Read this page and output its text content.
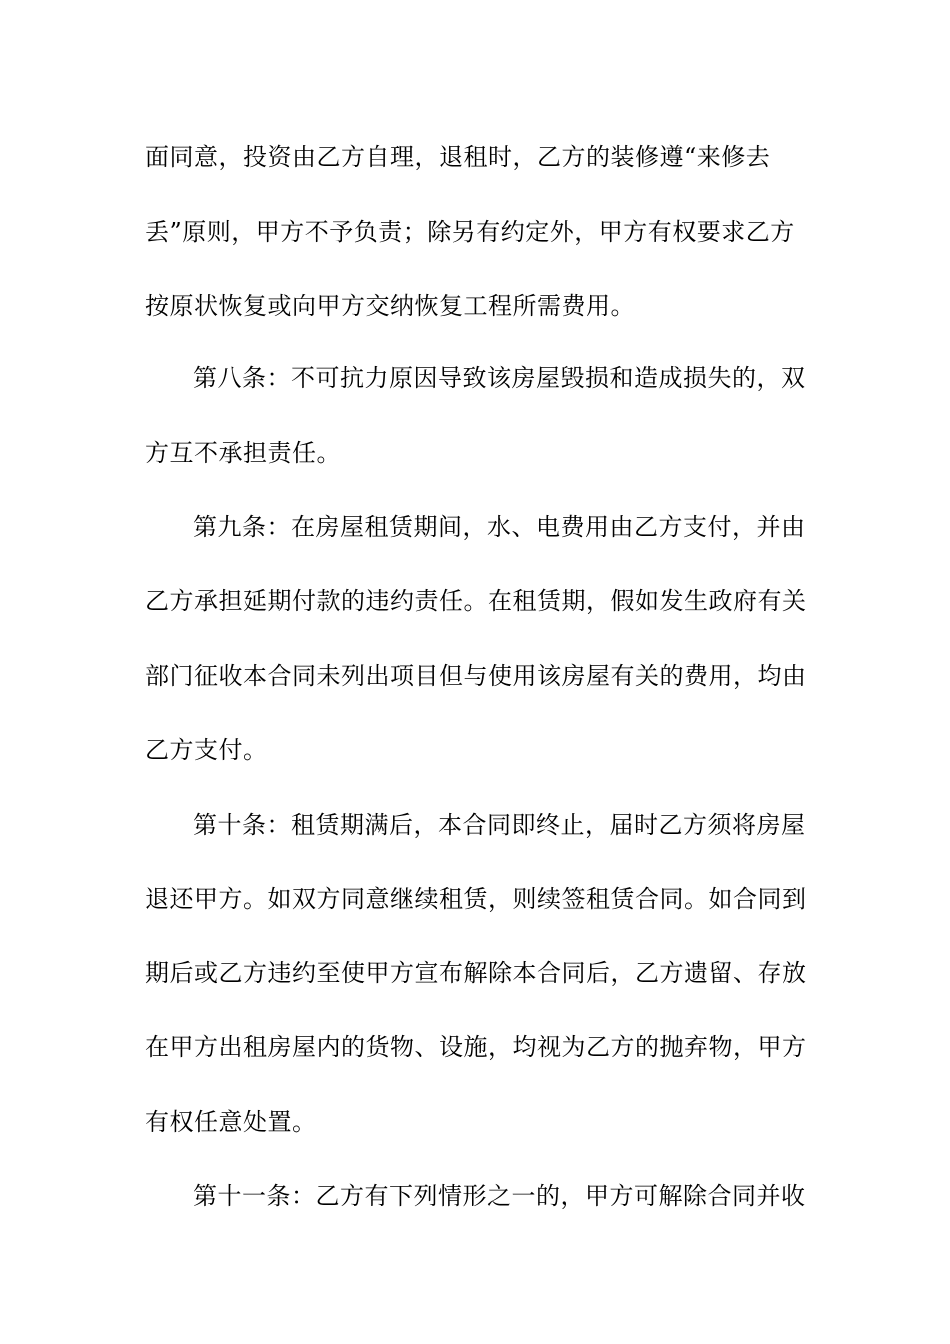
面同意，投资由乙方自理，退租时，乙方的装修遵“来修去
丢”原则，甲方不予负责；除另有约定外，甲方有权要求乙方
按原状恢复或向甲方交纳恢复工程所需费用。
第八条：不可抗力原因导致该房屋毁损和造成损失的，双
方互不承担责任。
第九条：在房屋租赁期间，水、电费用由乙方支付，并由
乙方承担延期付款的违约责任。在租赁期，假如发生政府有关
部门征收本合同未列出项目但与使用该房屋有关的费用，均由
乙方支付。
第十条：租赁期满后，本合同即终止，届时乙方须将房屋
退还甲方。如双方同意继续租赁，则续签租赁合同。如合同到
期后或乙方违约至使甲方宣布解除本合同后，乙方遗留、存放
在甲方出租房屋内的货物、设施，均视为乙方的抛弃物，甲方
有权任意处置。
第十一条：乙方有下列情形之一的，甲方可解除合同并收
